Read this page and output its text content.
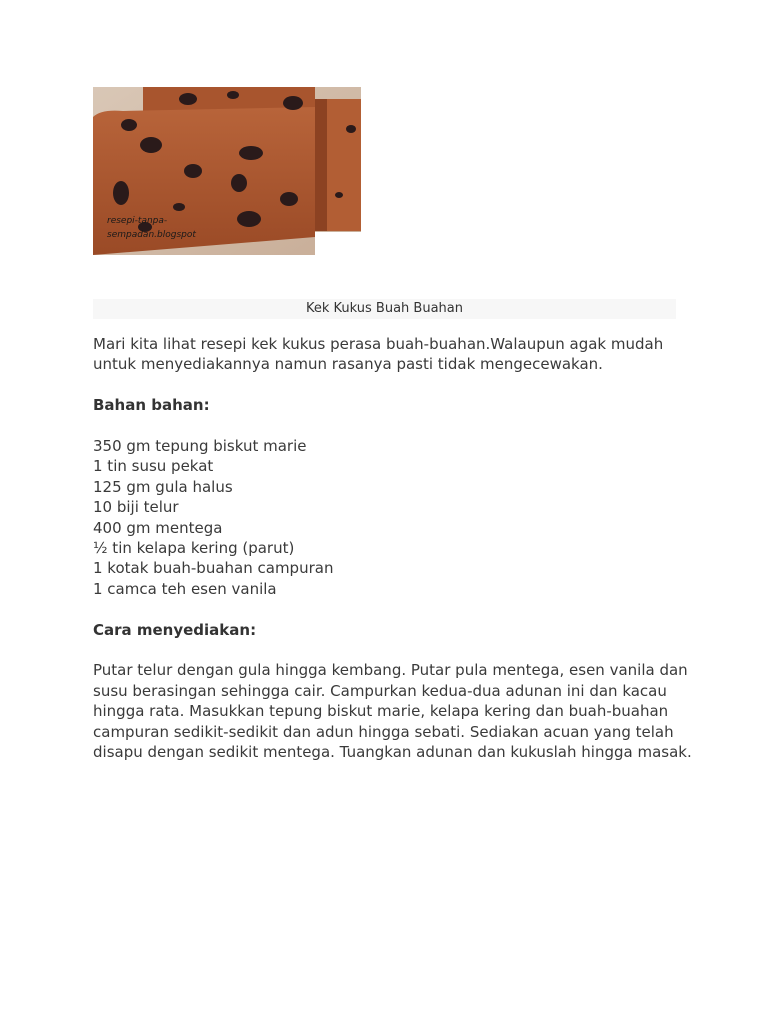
resepi-tanpa-
sempadan.blogspot
Kek Kukus Buah Buahan

Mari kita lihat resepi kek kukus perasa buah-buahan.Walaupun agak mudah untuk menyediakannya namun rasanya pasti tidak mengecewakan.

Bahan bahan:

350 gm tepung biskut marie
1 tin susu pekat
125 gm gula halus
10 biji telur
400 gm mentega
½ tin kelapa kering (parut)
1 kotak buah-buahan campuran
1 camca teh esen vanila

Cara menyediakan:

Putar telur dengan gula hingga kembang. Putar pula mentega, esen vanila dan susu berasingan sehingga cair. Campurkan kedua-dua adunan ini dan kacau hingga rata. Masukkan tepung biskut marie, kelapa kering dan buah-buahan campuran sedikit-sedikit dan adun hingga sebati. Sediakan acuan yang telah disapu dengan sedikit mentega. Tuangkan adunan dan kukuslah hingga masak.
